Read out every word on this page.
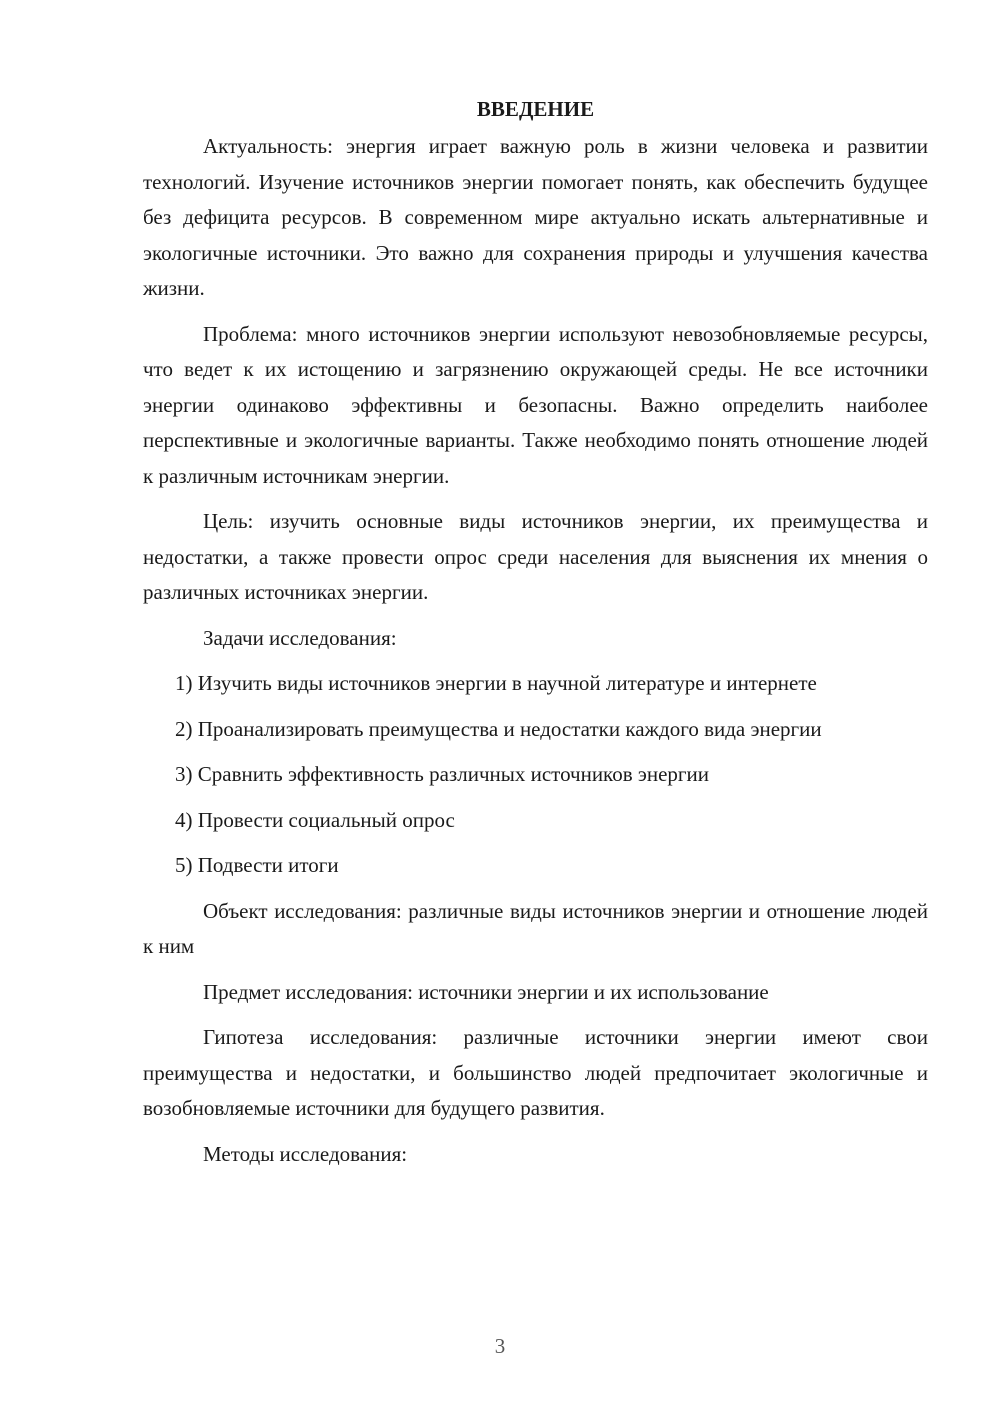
ВВЕДЕНИЕ

Актуальность: энергия играет важную роль в жизни человека и развитии технологий. Изучение источников энергии помогает понять, как обеспечить будущее без дефицита ресурсов. В современном мире актуально искать альтернативные и экологичные источники. Это важно для сохранения природы и улучшения качества жизни.

Проблема: много источников энергии используют невозобновляемые ресурсы, что ведет к их истощению и загрязнению окружающей среды. Не все источники энергии одинаково эффективны и безопасны. Важно определить наиболее перспективные и экологичные варианты. Также необходимо понять отношение людей к различным источникам энергии.

Цель: изучить основные виды источников энергии, их преимущества и недостатки, а также провести опрос среди населения для выяснения их мнения о различных источниках энергии.

Задачи исследования:

1) Изучить виды источников энергии в научной литературе и интернете

2) Проанализировать преимущества и недостатки каждого вида энергии

3) Сравнить эффективность различных источников энергии

4) Провести социальный опрос

5) Подвести итоги

Объект исследования: различные виды источников энергии и отношение людей к ним

Предмет исследования: источники энергии и их использование

Гипотеза исследования: различные источники энергии имеют свои преимущества и недостатки, и большинство людей предпочитает экологичные и возобновляемые источники для будущего развития.

Методы исследования:

3
